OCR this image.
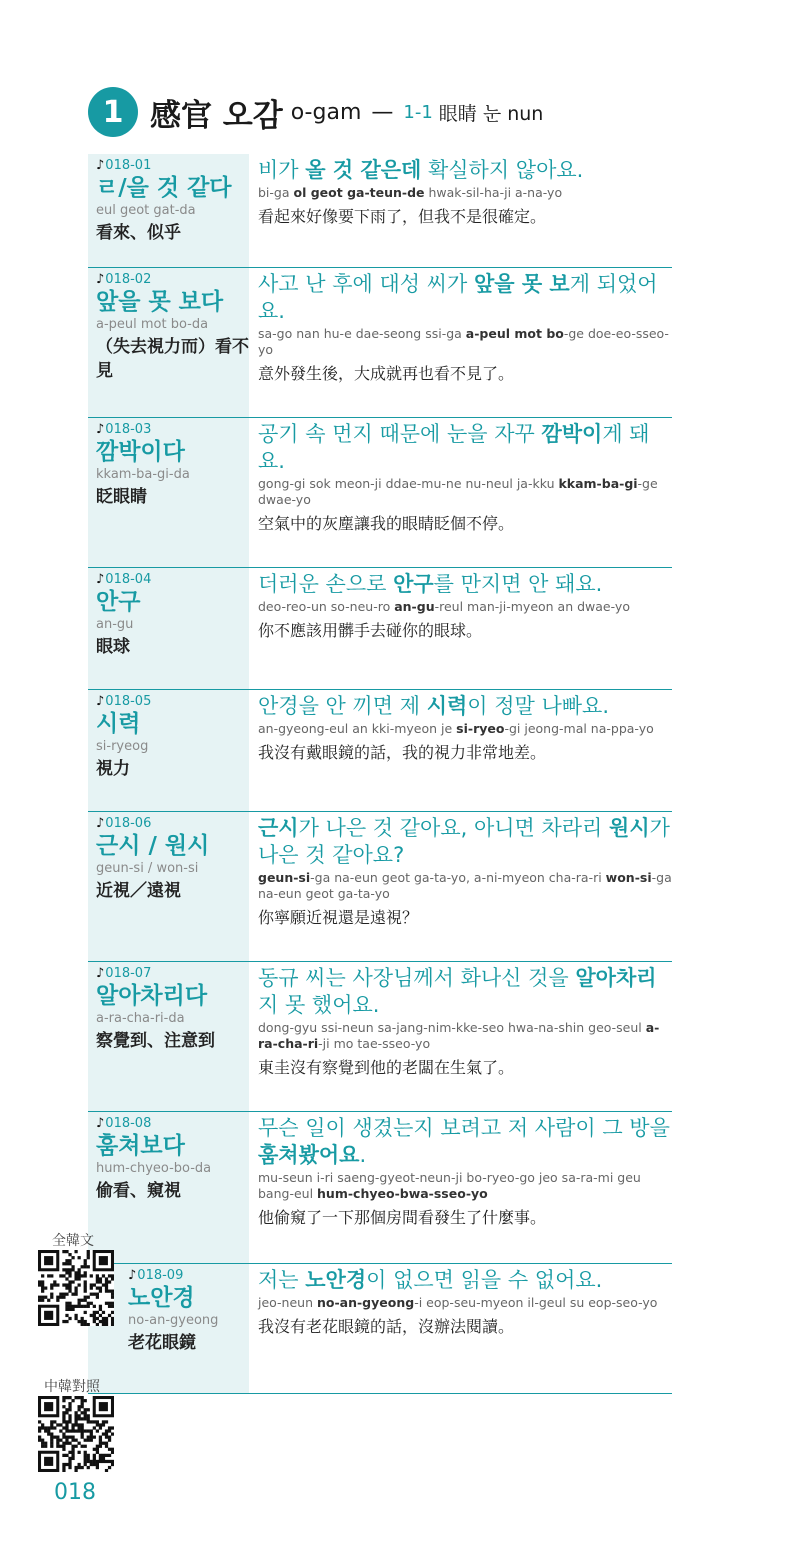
1 感官 오감 o-gam — 1-1 眼睛 눈 nun
♪018-01
ㄹ/을 것 같다
eul geot gat-da
看來、似乎
비가 올 것 같은데 확실하지 않아요.
bi-ga ol geot ga-teun-de hwak-sil-ha-ji a-na-yo
看起來好像要下雨了，但我不是很確定。
♪018-02
앞을 못 보다
a-peul mot bo-da
（失去視力而）看不見
사고 난 후에 대성 씨가 앞을 못 보게 되었어요.
sa-go nan hu-e dae-seong ssi-ga a-peul mot bo-ge doe-eo-sseo-yo
意外發生後，大成就再也看不見了。
♪018-03
깜박이다
kkam-ba-gi-da
眨眼睛
공기 속 먼지 때문에 눈을 자꾸 깜박이게 돼요.
gong-gi sok meon-ji ddae-mu-ne nu-neul ja-kku kkam-ba-gi-ge dwae-yo
空氣中的灰塵讓我的眼睛眨個不停。
♪018-04
안구
an-gu
眼球
더러운 손으로 안구를 만지면 안 돼요.
deo-reo-un so-neu-ro an-gu-reul man-ji-myeon an dwae-yo
你不應該用髒手去碰你的眼球。
♪018-05
시력
si-ryeog
視力
안경을 안 끼면 제 시력이 정말 나빠요.
an-gyeong-eul an kki-myeon je si-ryeo-gi jeong-mal na-ppa-yo
我沒有戴眼鏡的話，我的視力非常地差。
♪018-06
근시 / 원시
geun-si / won-si
近視／遠視
근시가 나은 것 같아요, 아니면 차라리 원시가 나은 것 같아요?
geun-si-ga na-eun geot ga-ta-yo, a-ni-myeon cha-ra-ri won-si-ga na-eun geot ga-ta-yo
你寧願近視還是遠視？
♪018-07
알아차리다
a-ra-cha-ri-da
察覺到、注意到
동규 씨는 사장님께서 화나신 것을 알아차리지 못 했어요.
dong-gyu ssi-neun sa-jang-nim-kke-seo hwa-na-shin geo-seul a-ra-cha-ri-ji mo tae-sseo-yo
東圭沒有察覺到他的老闆在生氣了。
♪018-08
훔쳐보다
hum-chyeo-bo-da
偷看、窺視
무슨 일이 생겼는지 보려고 저 사람이 그 방을 훔쳐봤어요.
mu-seun i-ri saeng-gyeot-neun-ji bo-ryeo-go jeo sa-ra-mi geu bang-eul hum-chyeo-bwa-sseo-yo
他偷窺了一下那個房間看發生了什麼事。
♪018-09
노안경
no-an-gyeong
老花眼鏡
저는 노안경이 없으면 읽을 수 없어요.
jeo-neun no-an-gyeong-i eop-seu-myeon il-geul su eop-seo-yo
我沒有老花眼鏡的話，沒辦法閱讀。
全韓文
中韓對照
018
